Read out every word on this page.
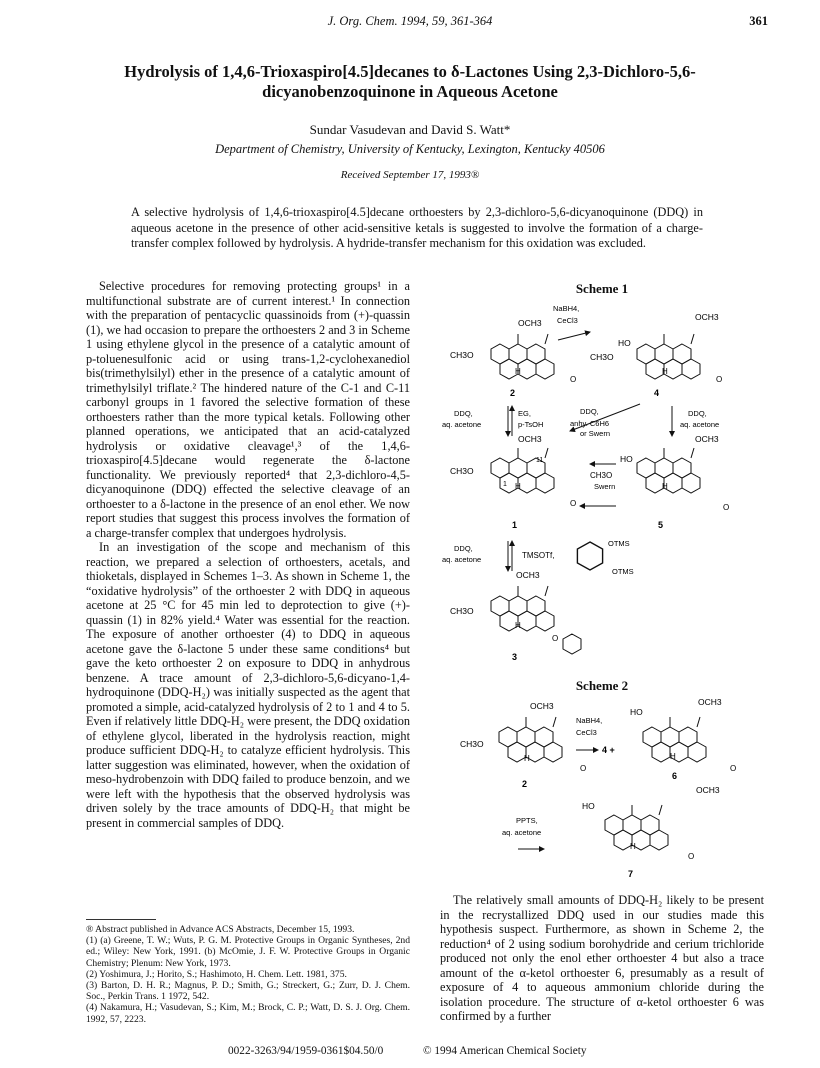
J. Org. Chem. 1994, 59, 361-364	361
Hydrolysis of 1,4,6-Trioxaspiro[4.5]decanes to δ-Lactones Using 2,3-Dichloro-5,6-dicyanobenzoquinone in Aqueous Acetone
Sundar Vasudevan and David S. Watt*
Department of Chemistry, University of Kentucky, Lexington, Kentucky 40506
Received September 17, 1993®
A selective hydrolysis of 1,4,6-trioxaspiro[4.5]decane orthoesters by 2,3-dichloro-5,6-dicyanoquinone (DDQ) in aqueous acetone in the presence of other acid-sensitive ketals is suggested to involve the formation of a charge-transfer complex followed by hydrolysis. A hydride-transfer mechanism for this oxidation was excluded.

Selective procedures for removing protecting groups¹ in a multifunctional substrate are of current interest.¹ In connection with the preparation of pentacyclic quassinoids from (+)-quassin (1), we had occasion to prepare the orthoesters 2 and 3 in Scheme 1 using ethylene glycol in the presence of a catalytic amount of p-toluenesulfonic acid or using trans-1,2-cyclohexanediol bis(trimethylsilyl) ether in the presence of a catalytic amount of trimethylsilyl triflate.² The hindered nature of the C-1 and C-11 carbonyl groups in 1 favored the selective formation of these orthoesters rather than the more typical ketals. Following other planned operations, we anticipated that an acid-catalyzed hydrolysis or oxidative cleavage¹,³ of the 1,4,6-trioxaspiro[4.5]decane would regenerate the δ-lactone functionality. We previously reported⁴ that 2,3-dichloro-4,5-dicyanoquinone (DDQ) effected the selective cleavage of an orthoester to a δ-lactone in the presence of an enol ether. We now report studies that suggest this process involves the formation of a charge-transfer complex that undergoes hydrolysis.

In an investigation of the scope and mechanism of this reaction, we prepared a selection of orthoesters, acetals, and thioketals, displayed in Schemes 1–3. As shown in Scheme 1, the “oxidative hydrolysis” of the orthoester 2 with DDQ in aqueous acetone at 25 °C for 45 min led to deprotection to give (+)-quassin (1) in 82% yield.⁴ Water was essential for the reaction. The exposure of another orthoester (4) to DDQ in aqueous acetone gave the δ-lactone 5 under these same conditions⁴ but gave the keto orthoester 2 on exposure to DDQ in anhydrous benzene. A trace amount of 2,3-dichloro-5,6-dicyano-1,4-hydroquinone (DDQ-H₂) was initially suspected as the agent that promoted a simple, acid-catalyzed hydrolysis of 2 to 1 and 4 to 5. Even if relatively little DDQ-H₂ were present, the DDQ oxidation of ethylene glycol, liberated in the hydrolysis reaction, might produce sufficient DDQ-H₂ to catalyze efficient hydrolysis. This latter suggestion was eliminated, however, when the oxidation of meso-hydrobenzoin with DDQ failed to produce benzoin, and we were left with the hypothesis that the observed hydrolysis was driven solely by the trace amounts of DDQ-H₂ that might be present in commercial samples of DDQ.

® Abstract published in Advance ACS Abstracts, December 15, 1993.

(1) (a) Greene, T. W.; Wuts, P. G. M. Protective Groups in Organic Syntheses, 2nd ed.; Wiley: New York, 1991. (b) McOmie, J. F. W. Protective Groups in Organic Chemistry; Plenum: New York, 1973.

(2) Yoshimura, J.; Horito, S.; Hashimoto, H. Chem. Lett. 1981, 375.

(3) Barton, D. H. R.; Magnus, P. D.; Smith, G.; Streckert, G.; Zurr, D. J. Chem. Soc., Perkin Trans. 1 1972, 542.

(4) Nakamura, H.; Vasudevan, S.; Kim, M.; Brock, C. P.; Watt, D. S. J. Org. Chem. 1992, 57, 2223.

Scheme 1
OCH3
NaBH4,
CeCl3	OCH3
CH3O
H
O
2
HO
CH3O
H
O
4
DDQ,
aq. acetone
EG,
p-TsOH
DDQ,
anhy. C6H6
or Swern
DDQ,
aq. acetone
OCH3	OCH3
11
1
CH3O
H
O
1
CH3O
Swern
HO
H
O
5
DDQ,
aq. acetone	TMSOTf,
OTMS
OTMS
OCH3
CH3O
H
O
3
Scheme 2
OCH3	OCH3
CH3O
H
O
2
NaBH4,
CeCl3
4 +
HO
H
O
6
OCH3
PPTS,
aq. acetone
HO
H
O
7

The relatively small amounts of DDQ-H₂ likely to be present in the recrystallized DDQ used in our studies made this hypothesis suspect. Furthermore, as shown in Scheme 2, the reduction⁴ of 2 using sodium borohydride and cerium trichloride produced not only the enol ether orthoester 4 but also a trace amount of the α-ketol orthoester 6, presumably as a result of exposure of 4 to aqueous ammonium chloride during the isolation procedure. The structure of α-ketol orthoester 6 was confirmed by a further

0022-3263/94/1959-0361$04.50/0	© 1994 American Chemical Society
